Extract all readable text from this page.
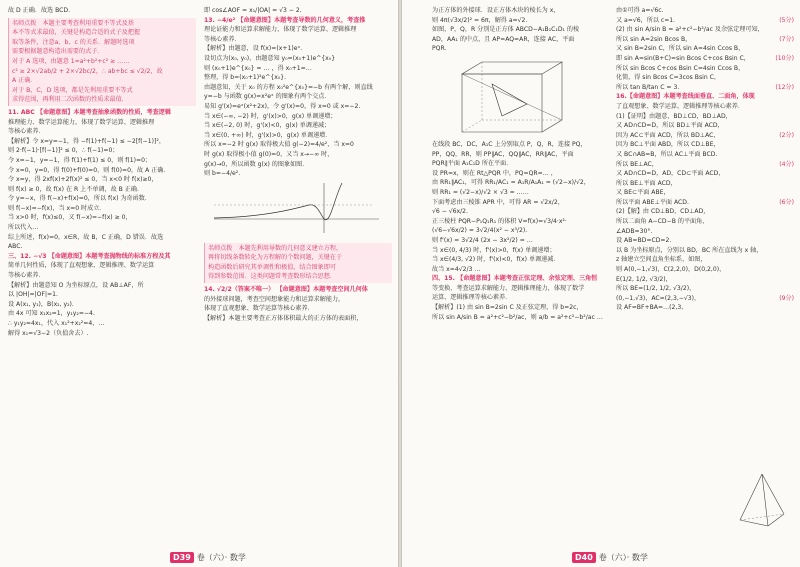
故 D 正确．故选 BCD.
名师点拨　本题主要考查利用重要不等式及基
本不等式求最值，关键是构造合适的式子及把握
取等条件，注意a、b、c 的关系．解题时选项
需要根据题意构造出需要的式子．
对于 A 选项，由题意 1=a²+b²+c² ≥ ……
c² ≥ 2×√2ab/2 + 2×√2bc/2，∴ ab+bc ≤ √2/2，故
A 正确．
对于 B，C，D 选项，都是先利用重要不等式
求得范围，再利用二次函数的性质求最值．
11. ABC 【命题意图】本题考查抽象函数的性质，考查逻辑
推理能力、数学运算能力，体现了数学运算、逻辑推理
等核心素养．
【解析】令 x=y=−1，得 −f(1)+f(−1) ≤ −2[f(−1)]²，
则 2·f(−1)·[f(−1)]² ≤ 0，∴ f(−1)=0；
令 x=−1，y=−1，得 f(1)+f(1) ≤ 0，则 f(1)=0；
令 x=0，y=0，得 f(0)+f(0)=0，则 f(0)=0，故 A 正确．
令 x=y，得 2xf(x)+2f(x)² ≤ 0，当 x<0 时 f(x)≥0，
则 f(x) ≥ 0，故 f(x) 在 R 上不单调，故 B 正确．
令 y=−x，得 f(−x)+f(x)=0，所以 f(x) 为奇函数．
则 f(−x)=−f(x)，当 x=0 时成立．
当 x>0 时，f(x)≤0，又 f(−x)=−f(x) ≥ 0，
所以代入…
综上所述，f(x)=0，x∈R，故 B，C 正确，D 错误．故选
ABC.
三、12. −√3 【命题意图】本题考查抛物线的标准方程及其
简单几何性质，体现了直观想象、逻辑推理、数学运算
等核心素养．
【解析】由题意知 O 为坐标原点，设 AB⊥AF，所
以 |OH|=|OF|=1.
设 A(x₁, y₁)，B(x₂, y₂).
由 4x 可知 x₁x₂=1，y₁y₂=−4.
∴ y₁y₂=4x₁，代入 x₁²+x₂²=4，…
解得 x₁=√3−2（负值舍去）.
即 cos∠AOF = x₁/|OA| = √3 − 2.
13. −4/e² 【命题意图】本题考查导数的几何意义，考查推
理论证能力和运算求解能力，体现了数学运算、逻辑推理
等核心素养．
【解析】由题意，设 f(x)=(x+1)eˣ.
设切点为(x₀, y₀)，由题意知 y₀=(x₀+1)e^{x₀}
则 (x₀+1)e^{x₀} = … ，得 x₀+1=…
整理，得 b=(x₀+1)²e^{x₀}.
由题意知，关于 x₀ 的方程 x₀²e^{x₀}=−b 有两个解，则直线
y=−b 与函数 g(x)=x²eˣ 的图象有两个交点．
易知 g'(x)=eˣ(x²+2x)，令 g'(x)=0，得 x=0 或 x=−2.
当 x∈(−∞, −2) 时，g'(x)>0，g(x) 单调递增；
当 x∈(−2, 0) 时，g'(x)<0，g(x) 单调递减；
当 x∈(0, +∞) 时，g'(x)>0，g(x) 单调递增．
所以 x=−2 时 g(x) 取得极大值 g(−2)=4/e²，当 x=0
时 g(x) 取得极小值 g(0)=0，又当 x→−∞ 时，
g(x)→0，所以函数 g(x) 的图象如图．
则 b=−4/e².
名师点拨　本题先利用导数的几何意义建立方程，
再将切线条数转化为方程解的个数问题，关键在于
构造函数后研究其单调性和极值，结合图象即可
得到参数范围．这类问题常考查数形结合思想．
14. √2/2（答案不唯一） 【命题意图】本题考查空间几何体
的外接球问题，考查空间想象能力和运算求解能力，
体现了直观想象、数学运算等核心素养．
【解析】本题主要考查正方体体积最大的正方体的表面积，
D39 卷（六）· 数学
为正方体的外接球．设正方体木块的棱长为 x，
则 4π(√3x/2)² = 6π，解得 a=√2.
如图，P，Q，R 分别是正方体 ABCD−A₁B₁C₁D₁ 的棱
AD，AA₁ 的中点，且 AP=AQ=AR，连接 AC，平面
PQR.
在线段 BC，DC，A₁C 上分别取点 P，Q，R，连接 PQ，
PP，QQ，RR，则 PP∥AC，QQ∥AC，RR∥AC，平面
PQR∥平面 A₁C₁D 所在平面．
设 PR=x，则在 Rt△PQR 中，PQ=QR=… ，
由 RR₁∥AC₁，可得 RR₁/AC₁ = A₁R/A₁A₁ = (√2−x)/√2，
则 RR₁ = (√2−x)/√2 × √3 = ……
下面考虑由三棱锥 APR 中，可得 AR = √2x/2，
√6 − √6x/2.
正三棱柱 PQR−P₁Q₁R₁ 的体积 V=f(x)=√3/4·x²·
(√6−√6x/2) = 3√2/4(x² − x³/2).
则 f'(x) = 3√2/4 (2x − 3x²/2) = …
当 x∈(0, 4/3) 时，f'(x)>0，f(x) 单调递增；
当 x∈(4/3, √2) 时，f'(x)<0，f(x) 单调递减．
故当 x=4√2/3 …
四、15. 【命题意图】本题考查正弦定理、余弦定理、三角恒
等变换、考查运算求解能力、逻辑推理能力，体现了数学
运算、逻辑推理等核心素养．
【解析】(1) 由 sin B=2sin C 及正弦定理，得 b=2c，
所以 sin A/sin B = a²+c²−b²/ac，则 a/b = a²+c²−b²/ac …
由①可得 a=√6c.
又 a=√6，所以 c=1.	(5分)
(2) 由 sin A/sin B = a²+c²−b²/ac 及余弦定理可知，
所以 sin A=2sin Bcos B，	(7分)
又 sin B=2sin C，所以 sin A=4sin Ccos B，
即 sin A=sin(B+C)=sin Bcos C+cos Bsin C，	(10分)
所以 sin Bcos C+cos Bsin C=4sin Ccos B，
化简，得 sin Bcos C=3cos Bsin C，
所以 tan B/tan C = 3.	(12分)
16.【命题意图】本题考查线面垂直、二面角，体现
了直观想象、数学运算、逻辑推理等核心素养．
(1)【证明】由题意，BD⊥CD，BD⊥AD，
又 AD∩CD=D，所以 BD⊥平面 ACD，
因为 AC⊂平面 ACD，所以 BD⊥AC，	(2分)
因为 BC⊥平面 ABD，所以 CD⊥BE，
又 BC∩AB=B，所以 AC⊥平面 BCD.
所以 BE⊥AC，	(4分)
又 AD∩CD=D，AD，CD⊂平面 ACD，
所以 BE⊥平面 ACD，
又 BE⊂平面 ABE，
所以平面 ABE⊥平面 ACD.	(6分)
(2)【解】由 CD⊥BD，CD⊥AD，
所以二面角 A−CD−B 的平面角，
∠ADB=30°.
设 AB=BD=CD=2.
以 B 为坐标原点，分别以 BD，BC 所在直线为 x 轴，
z 轴建立空间直角坐标系，如图，
则 A(0,−1,√3)，C(2,2,0)，D(0,2,0)，
E(1/2, 1/2, √3/2)，
所以 BE=(1/2, 1/2, √3/2)，
(0,−1,√3)，AC=(2,3,−√3)，	(9分)
设 AF=BF+BA=…(2,3,
D40 卷（六）· 数学
